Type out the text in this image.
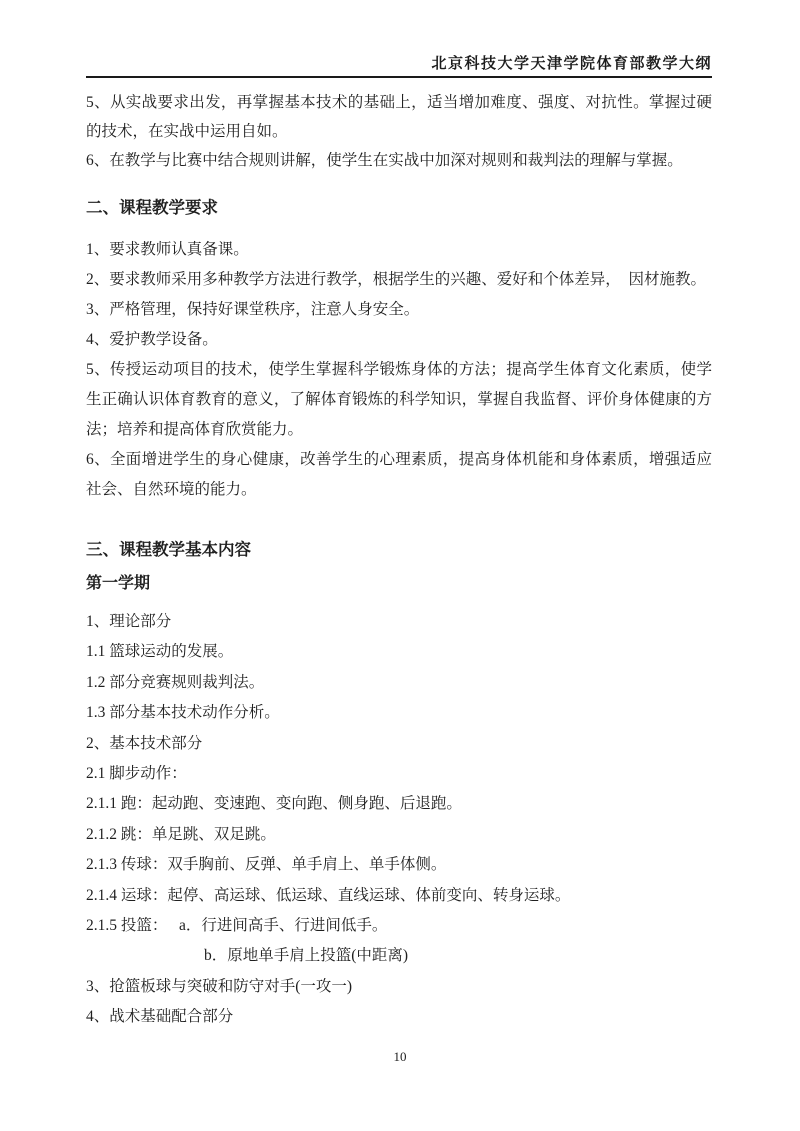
北京科技大学天津学院体育部教学大纲

5、从实战要求出发，再掌握基本技术的基础上，适当增加难度、强度、对抗性。掌握过硬的技术，在实战中运用自如。

6、在教学与比赛中结合规则讲解，使学生在实战中加深对规则和裁判法的理解与掌握。

二、课程教学要求

1、要求教师认真备课。

2、要求教师采用多种教学方法进行教学，根据学生的兴趣、爱好和个体差异，　因材施教。

3、严格管理，保持好课堂秩序，注意人身安全。

4、爱护教学设备。

5、传授运动项目的技术，使学生掌握科学锻炼身体的方法；提高学生体育文化素质，使学生正确认识体育教育的意义，了解体育锻炼的科学知识，掌握自我监督、评价身体健康的方法；培养和提高体育欣赏能力。

6、全面增进学生的身心健康，改善学生的心理素质，提高身体机能和身体素质，增强适应社会、自然环境的能力。

三、课程教学基本内容
第一学期

1、理论部分

1.1 篮球运动的发展。

1.2 部分竞赛规则裁判法。

1.3 部分基本技术动作分析。

2、基本技术部分

2.1 脚步动作：

2.1.1 跑：起动跑、变速跑、变向跑、侧身跑、后退跑。

2.1.2 跳：单足跳、双足跳。

2.1.3 传球：双手胸前、反弹、单手肩上、单手体侧。

2.1.4 运球：起停、高运球、低运球、直线运球、体前变向、转身运球。

2.1.5 投篮：　 a．行进间高手、行进间低手。

b．原地单手肩上投篮(中距离)

3、抢篮板球与突破和防守对手(一攻一)

4、战术基础配合部分

10
